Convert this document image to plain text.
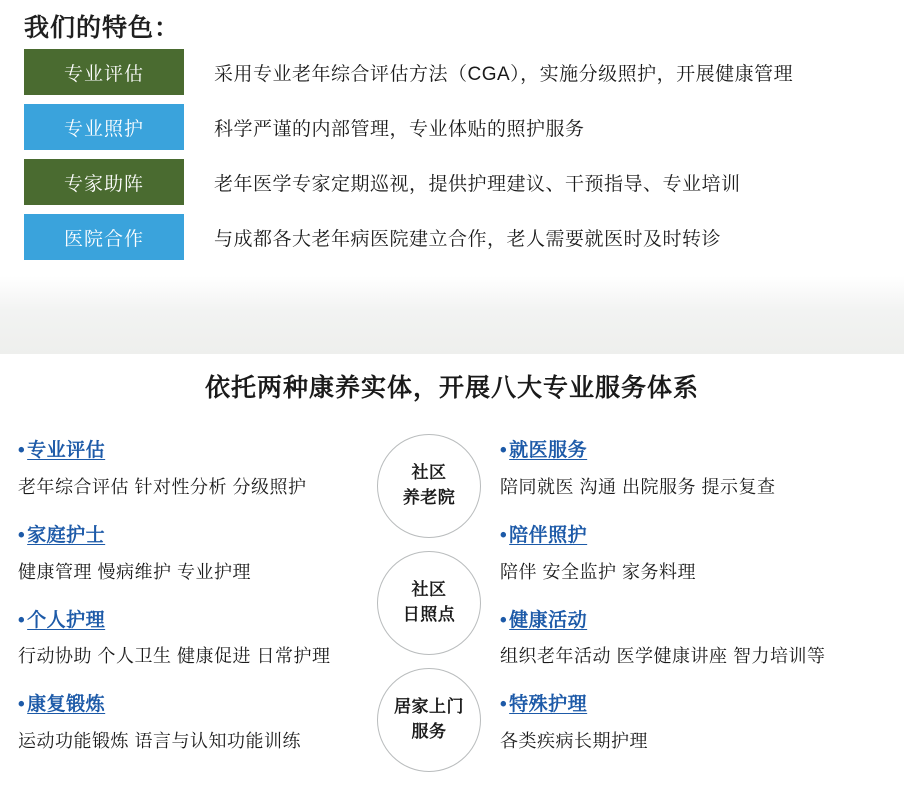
我们的特色：
专业评估	采用专业老年综合评估方法（CGA），实施分级照护，开展健康管理
专业照护	科学严谨的内部管理，专业体贴的照护服务
专家助阵	老年医学专家定期巡视，提供护理建议、干预指导、专业培训
医院合作	与成都各大老年病医院建立合作，老人需要就医时及时转诊
依托两种康养实体，开展八大专业服务体系
• 专业评估
老年综合评估 针对性分析 分级照护
• 家庭护士
健康管理 慢病维护 专业护理
• 个人护理
行动协助 个人卫生 健康促进 日常护理
• 康复锻炼
运动功能锻炼 语言与认知功能训练
社区
养老院
社区
日照点
居家上门
服务
• 就医服务
陪同就医 沟通 出院服务 提示复查
• 陪伴照护
陪伴 安全监护 家务料理
• 健康活动
组织老年活动 医学健康讲座 智力培训等
• 特殊护理
各类疾病长期护理
